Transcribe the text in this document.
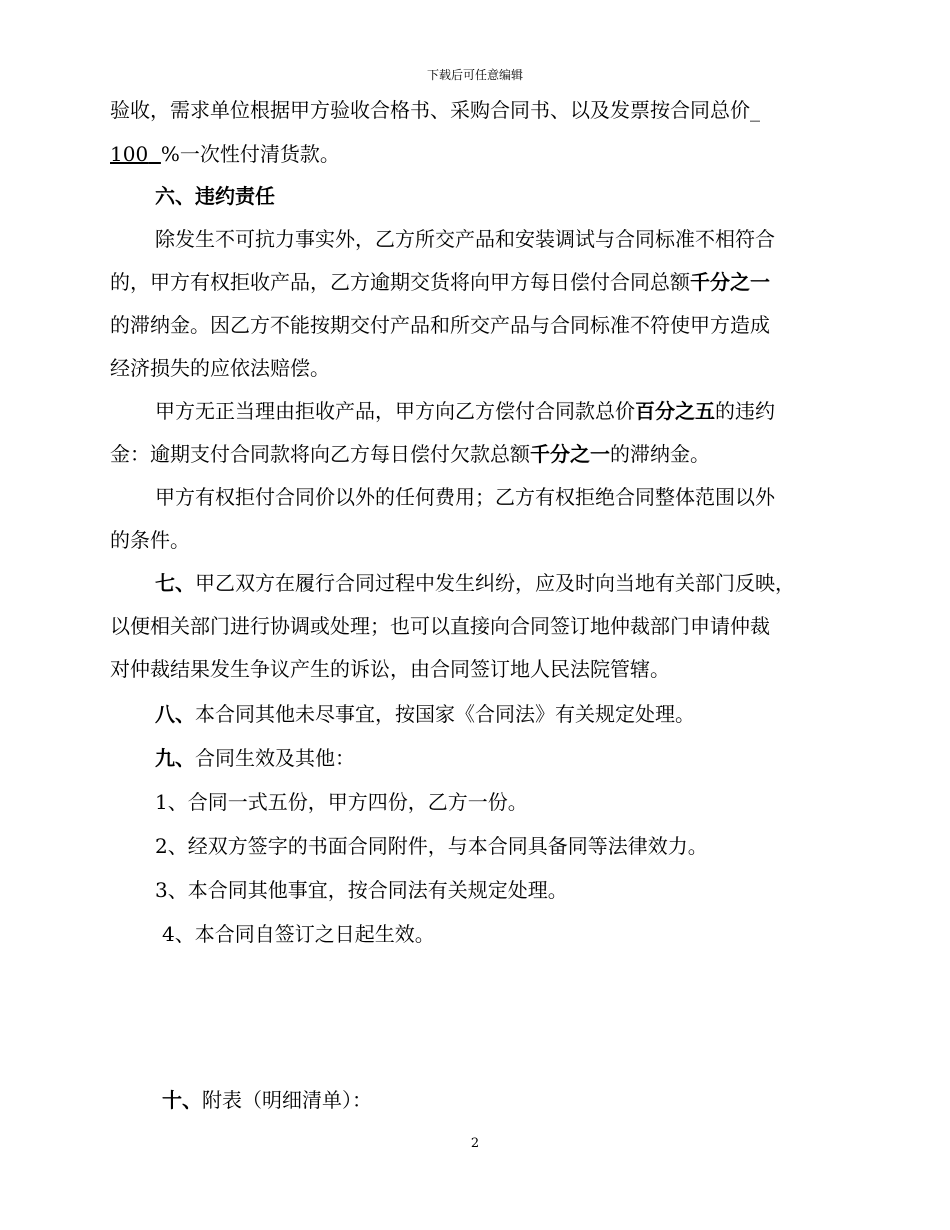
下载后可任意编辑
验收，需求单位根据甲方验收合格书、采购合同书、以及发票按合同总价_
100 %一次性付清货款。
六、违约责任
除发生不可抗力事实外，乙方所交产品和安装调试与合同标准不相符合
的，甲方有权拒收产品，乙方逾期交货将向甲方每日偿付合同总额千分之一
的滞纳金。因乙方不能按期交付产品和所交产品与合同标准不符使甲方造成
经济损失的应依法赔偿。
甲方无正当理由拒收产品，甲方向乙方偿付合同款总价百分之五的违约
金：逾期支付合同款将向乙方每日偿付欠款总额千分之一的滞纳金。
甲方有权拒付合同价以外的任何费用；乙方有权拒绝合同整体范围以外
的条件。
七、甲乙双方在履行合同过程中发生纠纷，应及时向当地有关部门反映，
以便相关部门进行协调或处理；也可以直接向合同签订地仲裁部门申请仲裁
对仲裁结果发生争议产生的诉讼，由合同签订地人民法院管辖。
八、本合同其他未尽事宜，按国家《合同法》有关规定处理。
九、合同生效及其他：
1、合同一式五份，甲方四份，乙方一份。
2、经双方签字的书面合同附件，与本合同具备同等法律效力。
3、本合同其他事宜，按合同法有关规定处理。
4、本合同自签订之日起生效。
十、附表（明细清单）：
2
